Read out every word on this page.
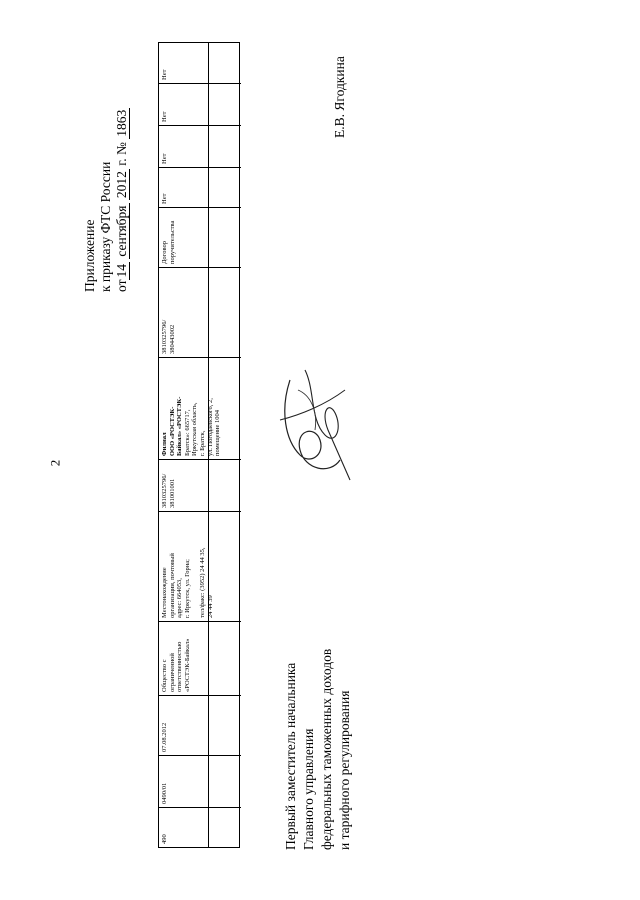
2
Приложение к приказу ФТС России от14 сентября 2012 г. № 1863
490
0490/01
07.08.2012
Общество с ограниченной ответственностью «РОСТЭК-Байкал»
Местонахождение организации, почтовый адрес: 664053, г. Иркутск, ул. Горна;
тел/факс: (3952) 24 44 35, 24 44 39
3810325796/ 381001001
Филиал ООО «РОСТЭК- Байкал» «РОСТЭК- Братск»: 665717, Иркутская область, г. Братск, ул. Погодаевского, 2, помещение 1004
3810325796/ 380443002
Договор поручительства
Нет
Нет
Нет
Нет
Первый заместитель начальника Главного управления федеральных таможенных доходов и тарифного регулирования
Е.В. Ягодкина
